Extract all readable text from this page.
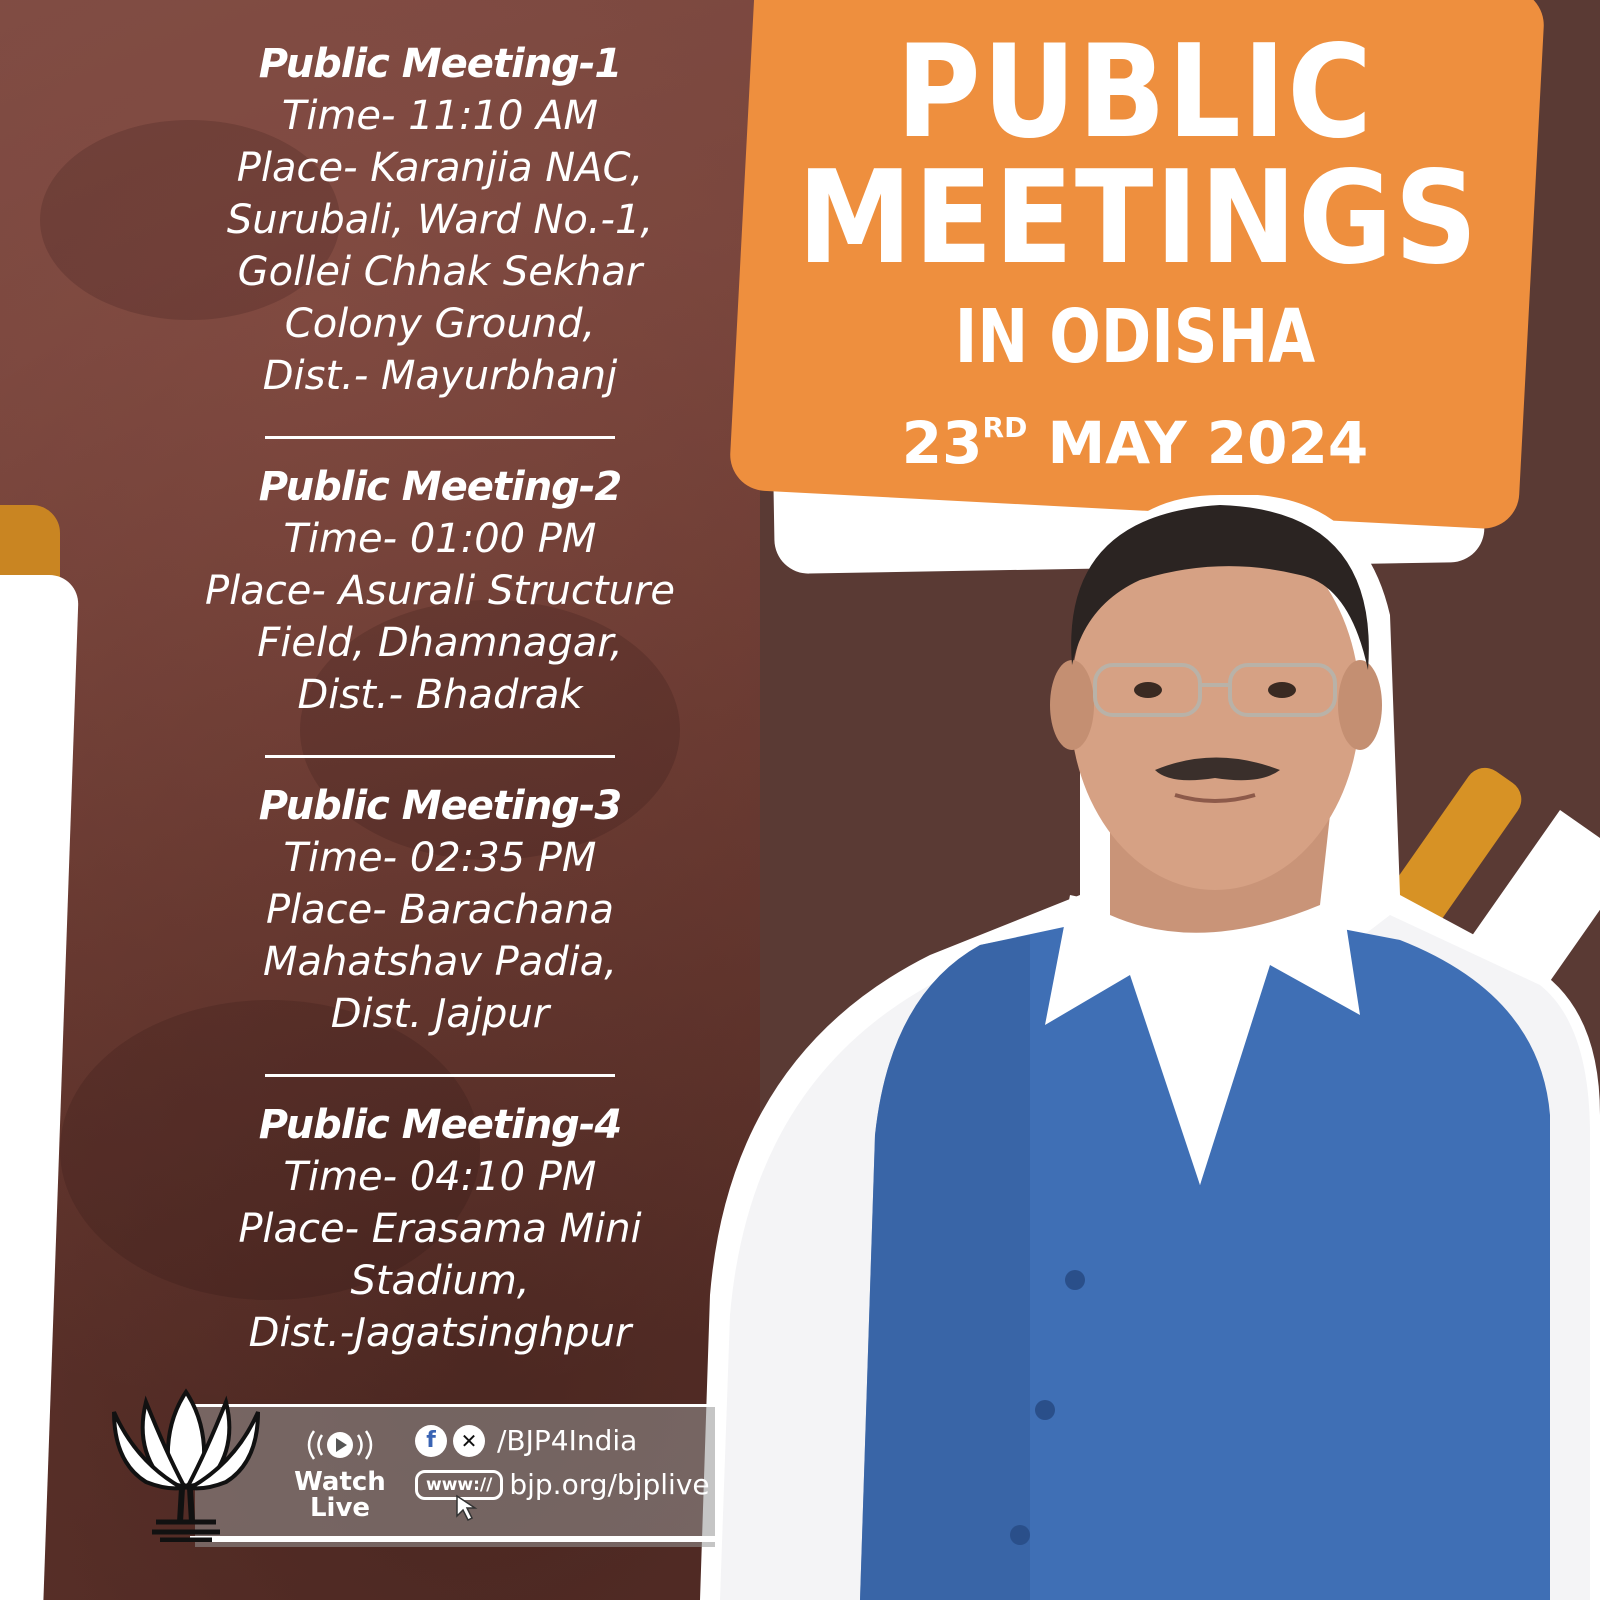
PUBLIC
MEETINGS
IN ODISHA
23RD MAY 2024
Public Meeting-1
Time- 11:10 AM
Place- Karanjia NAC,
Surubali, Ward No.-1,
Gollei Chhak Sekhar
Colony Ground,
Dist.- Mayurbhanj
Public Meeting-2
Time- 01:00 PM
Place- Asurali Structure
Field, Dhamnagar,
Dist.- Bhadrak
Public Meeting-3
Time- 02:35 PM
Place- Barachana
Mahatshav Padia,
Dist. Jajpur
Public Meeting-4
Time- 04:10 PM
Place- Erasama Mini
Stadium,
Dist.-Jagatsinghpur
Watch
Live
f ✕ /BJP4India
www:// bjp.org/bjplive
